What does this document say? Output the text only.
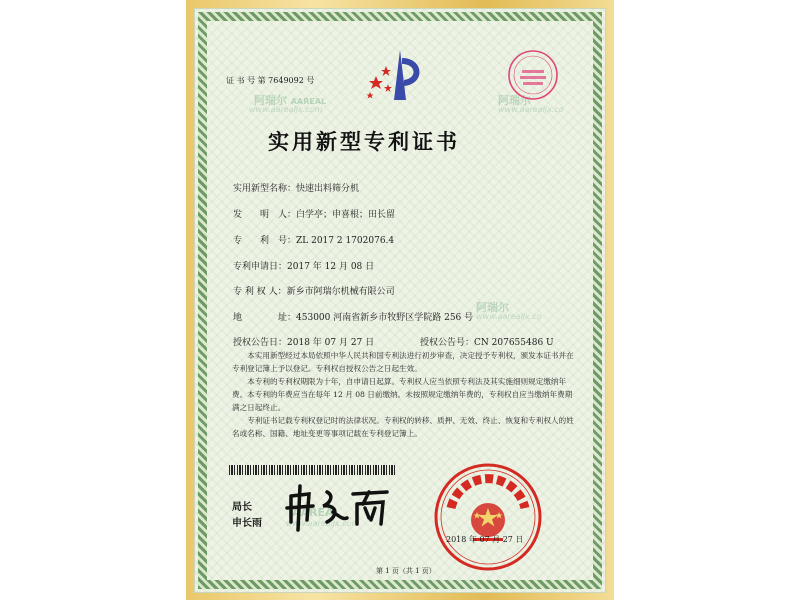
阿瑞尔 AAREAL
www.aarealjx.com
阿瑞尔
www.aarealjx.co
阿瑞尔
www.aarealjx.co
AAREAL
www.aarealjx.com
证 书 号 第 7649092 号
实用新型专利证书
实用新型名称：快速出料筛分机
发　　明　人：白学亭；申喜根；田长留
专　　利　号：ZL 2017 2 1702076.4
专利申请日：2017 年 12 月 08 日
专 利 权 人：新乡市阿瑞尔机械有限公司
地　　　　址：453000 河南省新乡市牧野区学院路 256 号
授权公告日：2018 年 07 月 27 日	授权公告号：CN 207655486 U

本实用新型经过本局依照中华人民共和国专利法进行初步审查，决定授予专利权，颁发本证书并在专利登记簿上予以登记。专利权自授权公告之日起生效。

本专利的专利权期限为十年，自申请日起算。专利权人应当依照专利法及其实施细则规定缴纳年费。本专利的年费应当在每年 12 月 08 日前缴纳。未按照规定缴纳年费的，专利权自应当缴纳年费期满之日起终止。

专利证书记载专利权登记时的法律状况。专利权的转移、质押、无效、终止、恢复和专利权人的姓名或名称、国籍、地址变更等事项记载在专利登记簿上。

局长
申长雨
2018 年 07 月 27 日
第 1 页（共 1 页）
